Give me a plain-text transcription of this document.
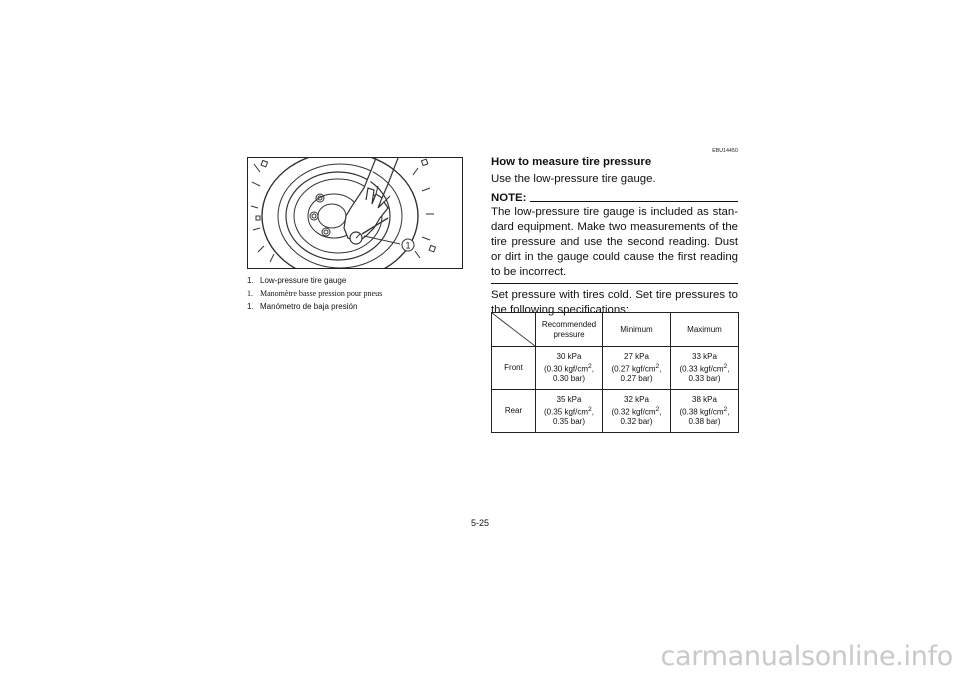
1
1. Low-pressure tire gauge
1. Manomètre basse pression pour pneus
1. Manómetro de baja presión
EBU14450
How to measure tire pressure

Use the low-pressure tire gauge.

NOTE:

The low-pressure tire gauge is included as stan-dard equipment. Make two measurements of the tire pressure and use the second reading. Dust or dirt in the gauge could cause the first reading to be incorrect.

Set pressure with tires cold. Set tire pressures to the following specifications:

	Recommended pressure	Minimum	Maximum
Front	30 kPa
(0.30 kgf/$cm^2$,
0.30 bar)	27 kPa
(0.27 kgf/$cm^2$,
0.27 bar)	33 kPa
(0.33 kgf/$cm^2$,
0.33 bar)
Rear	35 kPa
(0.35 kgf/$cm^2$,
0.35 bar)	32 kPa
(0.32 kgf/$cm^2$,
0.32 bar)	38 kPa
(0.38 kgf/$cm^2$,
0.38 bar)
5-25
carmanualsonline.info
